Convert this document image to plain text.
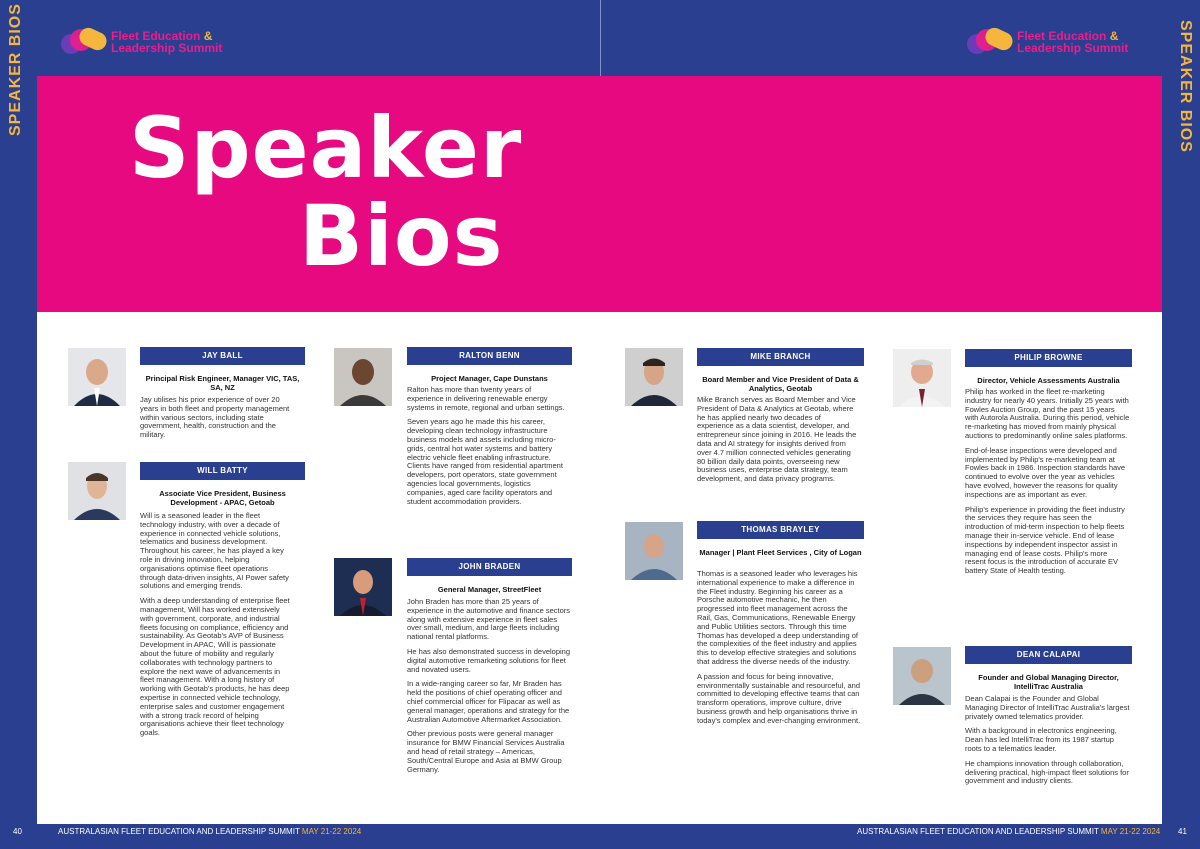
SPEAKER BIOS	SPEAKER BIOS
Fleet Education &
Leadership Summit
Fleet Education &
Leadership Summit
Speaker
Bios
JAY BALL
Principal Risk Engineer, Manager VIC, TAS, SA, NZ

Jay utilises his prior experience of over 20 years in both fleet and property management within various sectors, including state government, health, construction and the military.

WILL BATTY
Associate Vice President, Business Development - APAC, Getoab

Will is a seasoned leader in the fleet technology industry, with over a decade of experience in connected vehicle solutions, telematics and business development. Throughout his career, he has played a key role in driving innovation, helping organisations optimise fleet operations through data-driven insights, AI Power safety solutions and emerging trends.

With a deep understanding of enterprise fleet management, Will has worked extensively with government, corporate, and industrial fleets focusing on compliance, efficiency and sustainability. As Geotab's AVP of Business Development in APAC, Will is passionate about the future of mobility and regularly collaborates with technology partners to explore the next wave of advancements in fleet management. With a long history of working with Geotab's products, he has deep expertise in connected vehicle technology, enterprise sales and customer engagement with a strong track record of helping organisations achieve their fleet technology goals.

RALTON BENN
Project Manager, Cape Dunstans

Ralton has more than twenty years of experience in delivering renewable energy systems in remote, regional and urban settings.

Seven years ago he made this his career, developing clean technology infrastructure business models and assets including micro-grids, central hot water systems and battery electric vehicle fleet enabling infrastructure. Clients have ranged from residential apartment developers, port operators, state government agencies local governments, logistics companies, aged care facility operators and student accommodation providers.

JOHN BRADEN
General Manager, StreetFleet

John Braden has more than 25 years of experience in the automotive and finance sectors along with extensive experience in fleet sales over small, medium, and large fleets including national rental platforms.

He has also demonstrated success in developing digital automotive remarketing solutions for fleet and novated users.

In a wide-ranging career so far, Mr Braden has held the positions of chief operating officer and chief commercial officer for Flipacar as well as general manager, operations and strategy for the Australian Automotive Aftermarket Association.

Other previous posts were general manager insurance for BMW Financial Services Australia and head of retail strategy – Americas, South/Central Europe and Asia at BMW Group Germany.

MIKE BRANCH
Board Member and Vice President of Data & Analytics, Geotab

Mike Branch serves as Board Member and Vice President of Data & Analytics at Geotab, where he has applied nearly two decades of experience as a data scientist, developer, and entrepreneur since joining in 2016. He leads the data and AI strategy for insights derived from over 4.7 million connected vehicles generating 80 billion daily data points, overseeing new business uses, enterprise data strategy, team development, and data privacy programs.

THOMAS BRAYLEY
Manager | Plant Fleet Services , City of Logan

Thomas is a seasoned leader who leverages his international experience to make a difference in the Fleet industry. Beginning his career as a Porsche automotive mechanic, he then progressed into fleet management across the Rail, Gas, Communications, Renewable Energy and Public Utilities sectors. Through this time Thomas has developed a deep understanding of the complexities of the fleet industry and applies this to develop effective strategies and solutions that address the diverse needs of the industry.

A passion and focus for being innovative, environmentally sustainable and resourceful, and committed to developing effective teams that can transform operations, improve culture, drive business growth and help organisations thrive in today's complex and ever-changing environment.

PHILIP BROWNE
Director, Vehicle Assessments Australia

Philip has worked in the fleet re-marketing industry for nearly 40 years. Initially 25 years with Fowles Auction Group, and the past 15 years with Autorola Australia. During this period, vehicle re-marketing has moved from mainly physical auctions to predominantly online sales platforms.

End-of-lease inspections were developed and implemented by Philip's re-marketing team at Fowles back in 1986. Inspection standards have continued to evolve over the year as vehicles have evolved, however the reasons for quality inspections are as important as ever.

Philip's experience in providing the fleet industry the services they require has seen the introduction of mid-term inspection to help fleets manage their in-service vehicle. End of lease inspections by independent inspector assist in managing end of lease costs. Philip's more resent focus is the introduction of accurate EV battery State of Health testing.

DEAN CALAPAI
Founder and Global Managing Director, IntelliTrac Australia

Dean Calapai is the Founder and Global Managing Director of IntelliTrac Australia's largest privately owned telematics provider.

With a background in electronics engineering, Dean has led IntelliTrac from its 1987 startup roots to a telematics leader.

He champions innovation through collaboration, delivering practical, high-impact fleet solutions for government and industry clients.

40	AUSTRALASIAN FLEET EDUCATION AND LEADERSHIP SUMMIT MAY 21-22 2024	AUSTRALASIAN FLEET EDUCATION AND LEADERSHIP SUMMIT MAY 21-22 2024 41
